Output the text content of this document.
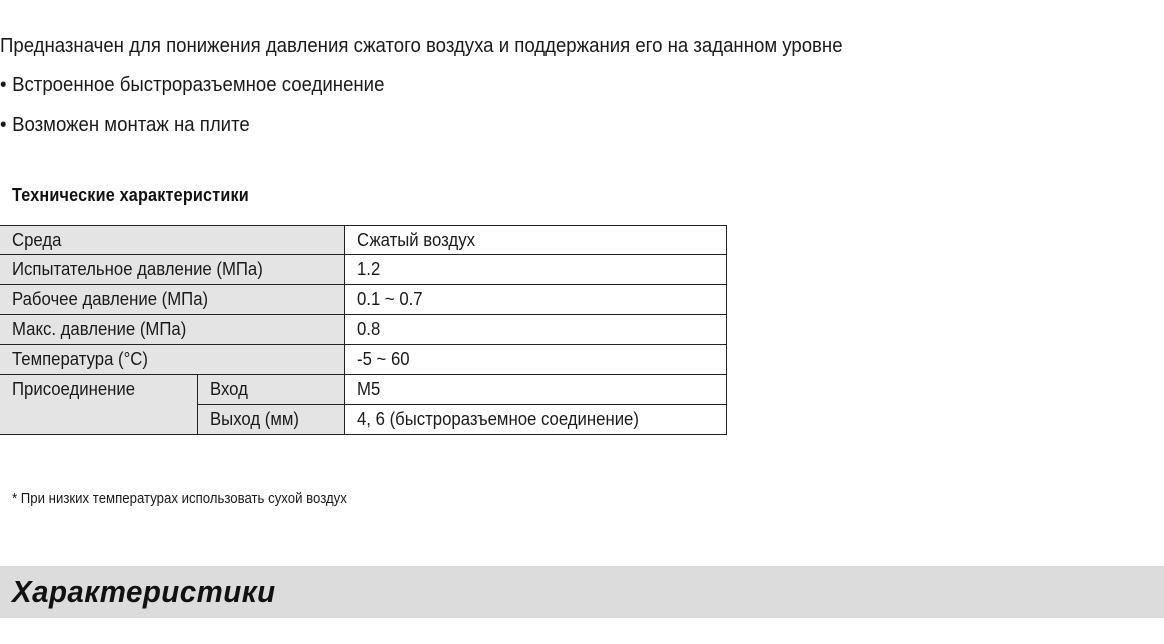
Предназначен для понижения давления сжатого воздуха и поддержания его на заданном уровне
• Встроенное быстроразъемное соединение
• Возможен монтаж на плите
Технические характеристики
Среда		Сжатый воздух
Испытательное давление (МПа)		1.2
Рабочее давление (МПа)		0.1 ~ 0.7
Макс. давление (МПа)		0.8
Температура (°С)		-5 ~ 60
Присоединение	Вход	M5
	Выход (мм)	4, 6 (быстроразъемное соединение)
* При низких температурах использовать сухой воздух
Характеристики
